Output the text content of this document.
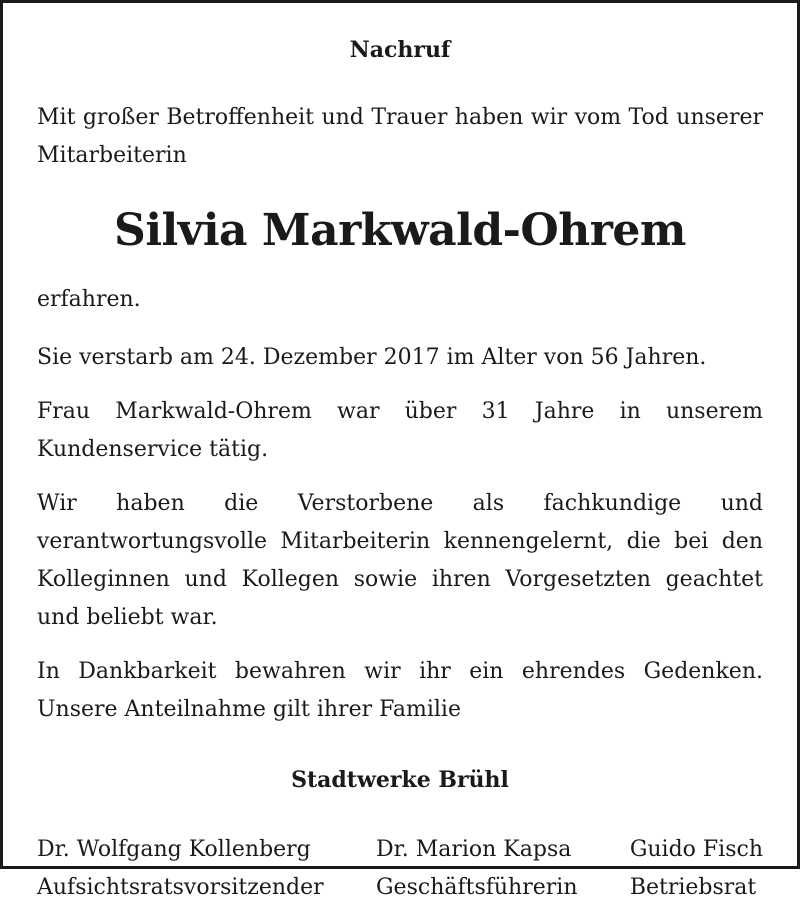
Nachruf

Mit großer Betroffenheit und Trauer haben wir vom Tod unserer Mitarbeiterin

Silvia Markwald-Ohrem

erfahren.

Sie verstarb am 24. Dezember 2017 im Alter von 56 Jahren.

Frau Markwald-Ohrem war über 31 Jahre in unserem Kundenservice tätig.

Wir haben die Verstorbene als fachkundige und verantwortungsvolle Mitarbeiterin kennengelernt, die bei den Kolleginnen und Kollegen sowie ihren Vorgesetzten geachtet und beliebt war.

In Dankbarkeit bewahren wir ihr ein ehrendes Gedenken. Unsere Anteilnahme gilt ihrer Familie

Stadtwerke Brühl
Dr. Wolfgang Kollenberg
Aufsichtsratsvorsitzender
Dr. Marion Kapsa
Geschäftsführerin
Guido Fisch
Betriebsrat
